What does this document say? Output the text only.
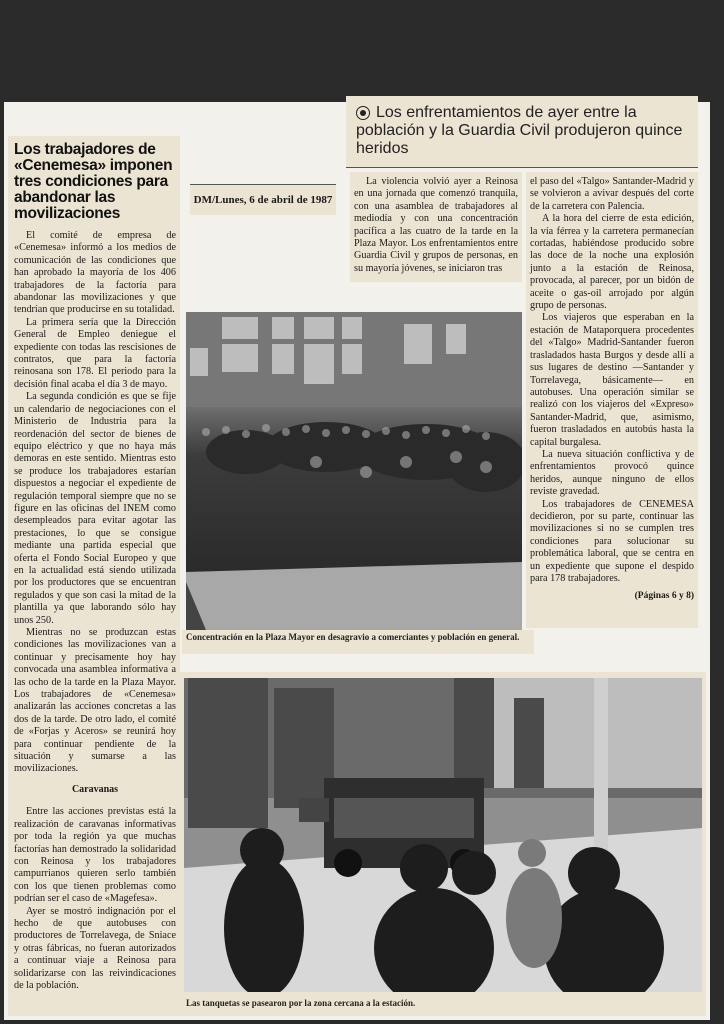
Los trabajadores de «Cenemesa» imponen tres condiciones para abandonar las movilizaciones

El comité de empresa de «Cenemesa» informó a los medios de comunicación de las condiciones que han aprobado la mayoría de los 406 trabajadores de la factoría para abandonar las movilizaciones y que tendrían que producirse en su totalidad.

La primera sería que la Dirección General de Empleo deniegue el expediente con todas las rescisiones de contratos, que para la factoría reinosana son 178. El periodo para la decisión final acaba el día 3 de mayo.

La segunda condición es que se fije un calendario de negociaciones con el Ministerio de Industria para la reordenación del sector de bienes de equipo eléctrico y que no haya más demoras en este sentido. Mientras esto se produce los trabajadores estarían dispuestos a negociar el expediente de regulación temporal siempre que no se figure en las oficinas del INEM como desempleados para evitar agotar las prestaciones, lo que se consigue mediante una partida especial que oferta el Fondo Social Europeo y que en la actualidad está siendo utilizada por los productores que se encuentran regulados y que son casi la mitad de la plantilla ya que laborando sólo hay unos 250.

Mientras no se produzcan estas condiciones las movilizaciones van a continuar y precisamente hoy hay convocada una asamblea informativa a las ocho de la tarde en la Plaza Mayor. Los trabajadores de «Cenemesa» analizarán las acciones concretas a las dos de la tarde. De otro lado, el comité de «Forjas y Aceros» se reunirá hoy para continuar pendiente de la situación y sumarse a las movilizaciones.

Caravanas

Entre las acciones previstas está la realización de caravanas informativas por toda la región ya que muchas factorías han demostrado la solidaridad con Reinosa y los trabajadores campurrianos quieren serlo también con los que tienen problemas como podrían ser el caso de «Magefesa».

Ayer se mostró indignación por el hecho de que autobuses con productores de Torrelavega, de Sniace y otras fábricas, no fueran autorizados a continuar viaje a Reinosa para solidarizarse con las reivindicaciones de la población.

DM/Lunes, 6 de abril de 1987
Los enfrentamientos de ayer entre la población y la Guardia Civil produjeron quince heridos

La violencia volvió ayer a Reinosa en una jornada que comenzó tranquila, con una asamblea de trabajadores al mediodía y con una concentración pacífica a las cuatro de la tarde en la Plaza Mayor. Los enfrentamientos entre Guardia Civil y grupos de personas, en su mayoría jóvenes, se iniciaron tras

el paso del «Talgo» Santander-Madrid y se volvieron a avivar después del corte de la carretera con Palencia.

A la hora del cierre de esta edición, la vía férrea y la carretera permanecían cortadas, habiéndose producido sobre las doce de la noche una explosión junto a la estación de Reinosa, provocada, al parecer, por un bidón de aceite o gas-oil arrojado por algún grupo de personas.

Los viajeros que esperaban en la estación de Mataporquera procedentes del «Talgo» Madrid-Santander fueron trasladados hasta Burgos y desde allí a sus lugares de destino —Santander y Torrelavega, básicamente— en autobuses. Una operación similar se realizó con los viajeros del «Expreso» Santander-Madrid, que, asimismo, fueron trasladados en autobús hasta la capital burgalesa.

La nueva situación conflictiva y de enfrentamientos provocó quince heridos, aunque ninguno de ellos reviste gravedad.

Los trabajadores de CENEMESA decidieron, por su parte, continuar las movilizaciones si no se cumplen tres condiciones para solucionar su problemática laboral, que se centra en un expediente que supone el despido para 178 trabajadores.

(Páginas 6 y 8)
Concentración en la Plaza Mayor en desagravio a comerciantes y población en general.
Las tanquetas se pasearon por la zona cercana a la estación.
